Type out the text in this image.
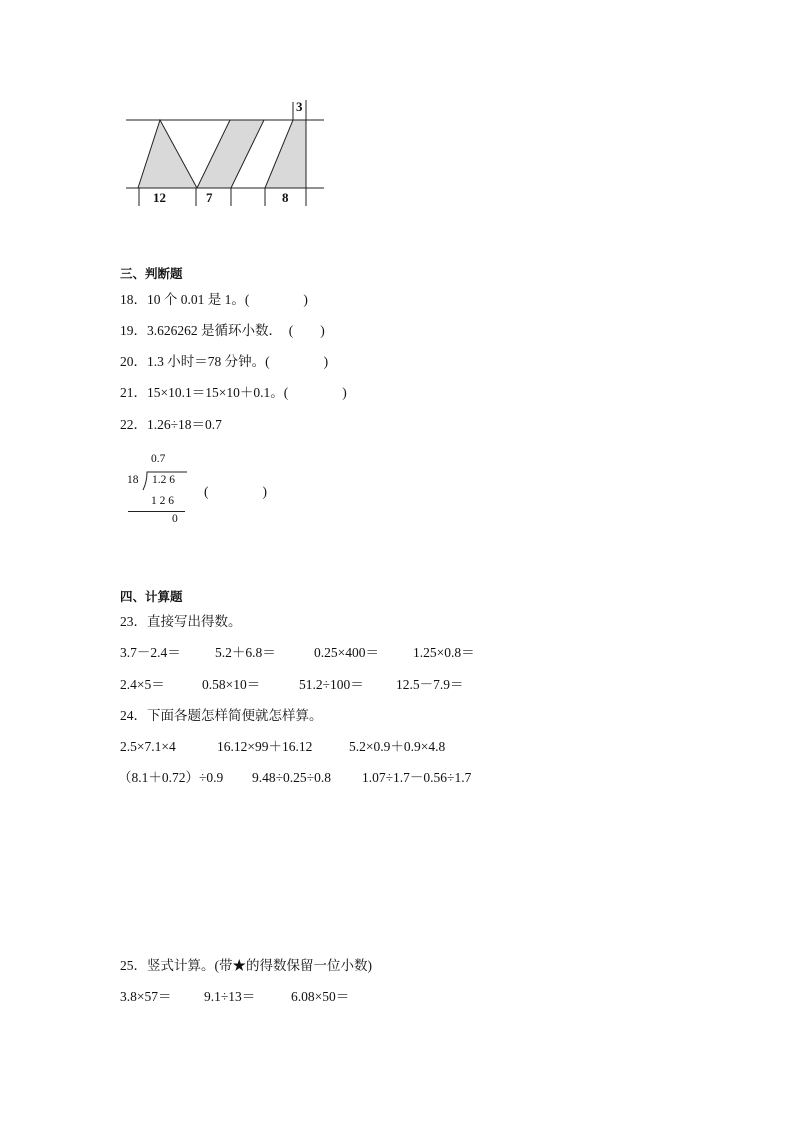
3
12	7	8
三、判断题
18．10 个 0.01 是 1。(　　　　)
19．3.626262 是循环小数．　(　　)
20．1.3 小时＝78 分钟。(　　　　)
21．15×10.1＝15×10＋0.1。(　　　　)
22．1.26÷18＝0.7
0.7
18 1.2 6
1 2 6
0
(　　　　)
四、计算题
23．直接写出得数。
3.7－2.4＝	5.2＋6.8＝	0.25×400＝	1.25×0.8＝
2.4×5＝	0.58×10＝	51.2÷100＝	12.5－7.9＝
24．下面各题怎样简便就怎样算。
2.5×7.1×4	16.12×99＋16.12	5.2×0.9＋0.9×4.8
（8.1＋0.72）÷0.9	9.48÷0.25÷0.8	1.07÷1.7－0.56÷1.7
25．竖式计算。(带★的得数保留一位小数)
3.8×57＝	9.1÷13＝	6.08×50＝
